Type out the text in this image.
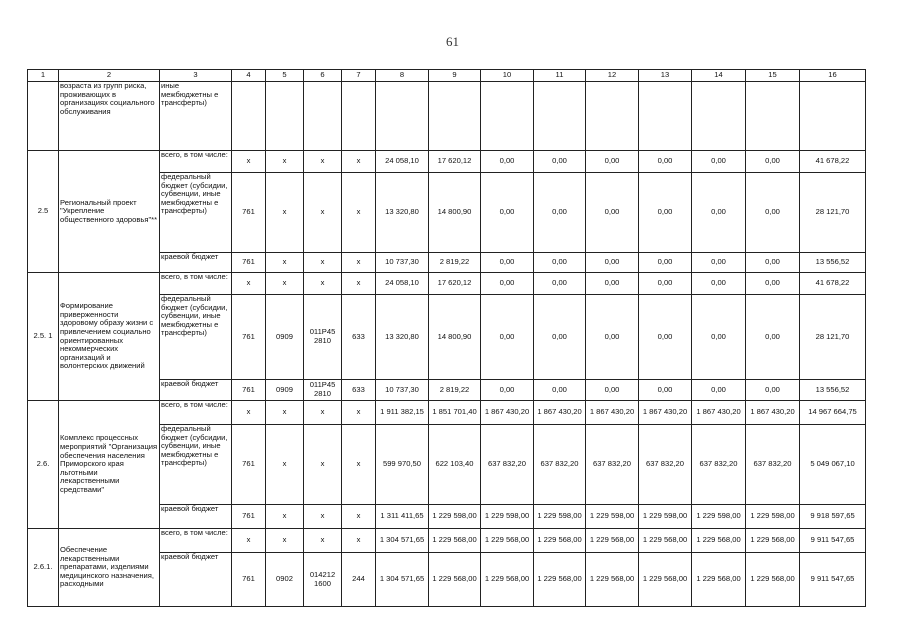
61
1	2	3	4	5	6	7	8	9	10	11	12	13	14	15	16
	возраста из групп риска, проживающих в организациях социального обслуживания	иные межбюджетны е трансферты)													
2.5	Региональный проект "Укрепление общественного здоровья"**	всего, в том числе:	x	x	x	x	24 058,10	17 620,12	0,00	0,00	0,00	0,00	0,00	0,00	41 678,22
		федеральный бюджет (субсидии, субвенции, иные межбюджетны е трансферты)	761	x	x	x	13 320,80	14 800,90	0,00	0,00	0,00	0,00	0,00	0,00	28 121,70
		краевой бюджет	761	x	x	x	10 737,30	2 819,22	0,00	0,00	0,00	0,00	0,00	0,00	13 556,52
2.5. 1	Формирование приверженности здоровому образу жизни с привлечением социально ориентированных некоммерческих организаций и волонтерских движений	всего, в том числе:	x	x	x	x	24 058,10	17 620,12	0,00	0,00	0,00	0,00	0,00	0,00	41 678,22
		федеральный бюджет (субсидии, субвенции, иные межбюджетны е трансферты)	761	0909	011P45 2810	633	13 320,80	14 800,90	0,00	0,00	0,00	0,00	0,00	0,00	28 121,70
		краевой бюджет	761	0909	011P45 2810	633	10 737,30	2 819,22	0,00	0,00	0,00	0,00	0,00	0,00	13 556,52
2.6.	Комплекс процессных мероприятий "Организация обеспечения населения Приморского края льготными лекарственными средствами"	всего, в том числе:	x	x	x	x	1 911 382,15	1 851 701,40	1 867 430,20	1 867 430,20	1 867 430,20	1 867 430,20	1 867 430,20	1 867 430,20	14 967 664,75
		федеральный бюджет (субсидии, субвенции, иные межбюджетны е трансферты)	761	x	x	x	599 970,50	622 103,40	637 832,20	637 832,20	637 832,20	637 832,20	637 832,20	637 832,20	5 049 067,10
		краевой бюджет	761	x	x	x	1 311 411,65	1 229 598,00	1 229 598,00	1 229 598,00	1 229 598,00	1 229 598,00	1 229 598,00	1 229 598,00	9 918 597,65
2.6.1.	Обеспечение лекарственными препаратами, изделиями медицинского назначения, расходными	всего, в том числе:	x	x	x	x	1 304 571,65	1 229 568,00	1 229 568,00	1 229 568,00	1 229 568,00	1 229 568,00	1 229 568,00	1 229 568,00	9 911 547,65
		краевой бюджет	761	0902	014212 1600	244	1 304 571,65	1 229 568,00	1 229 568,00	1 229 568,00	1 229 568,00	1 229 568,00	1 229 568,00	1 229 568,00	9 911 547,65
